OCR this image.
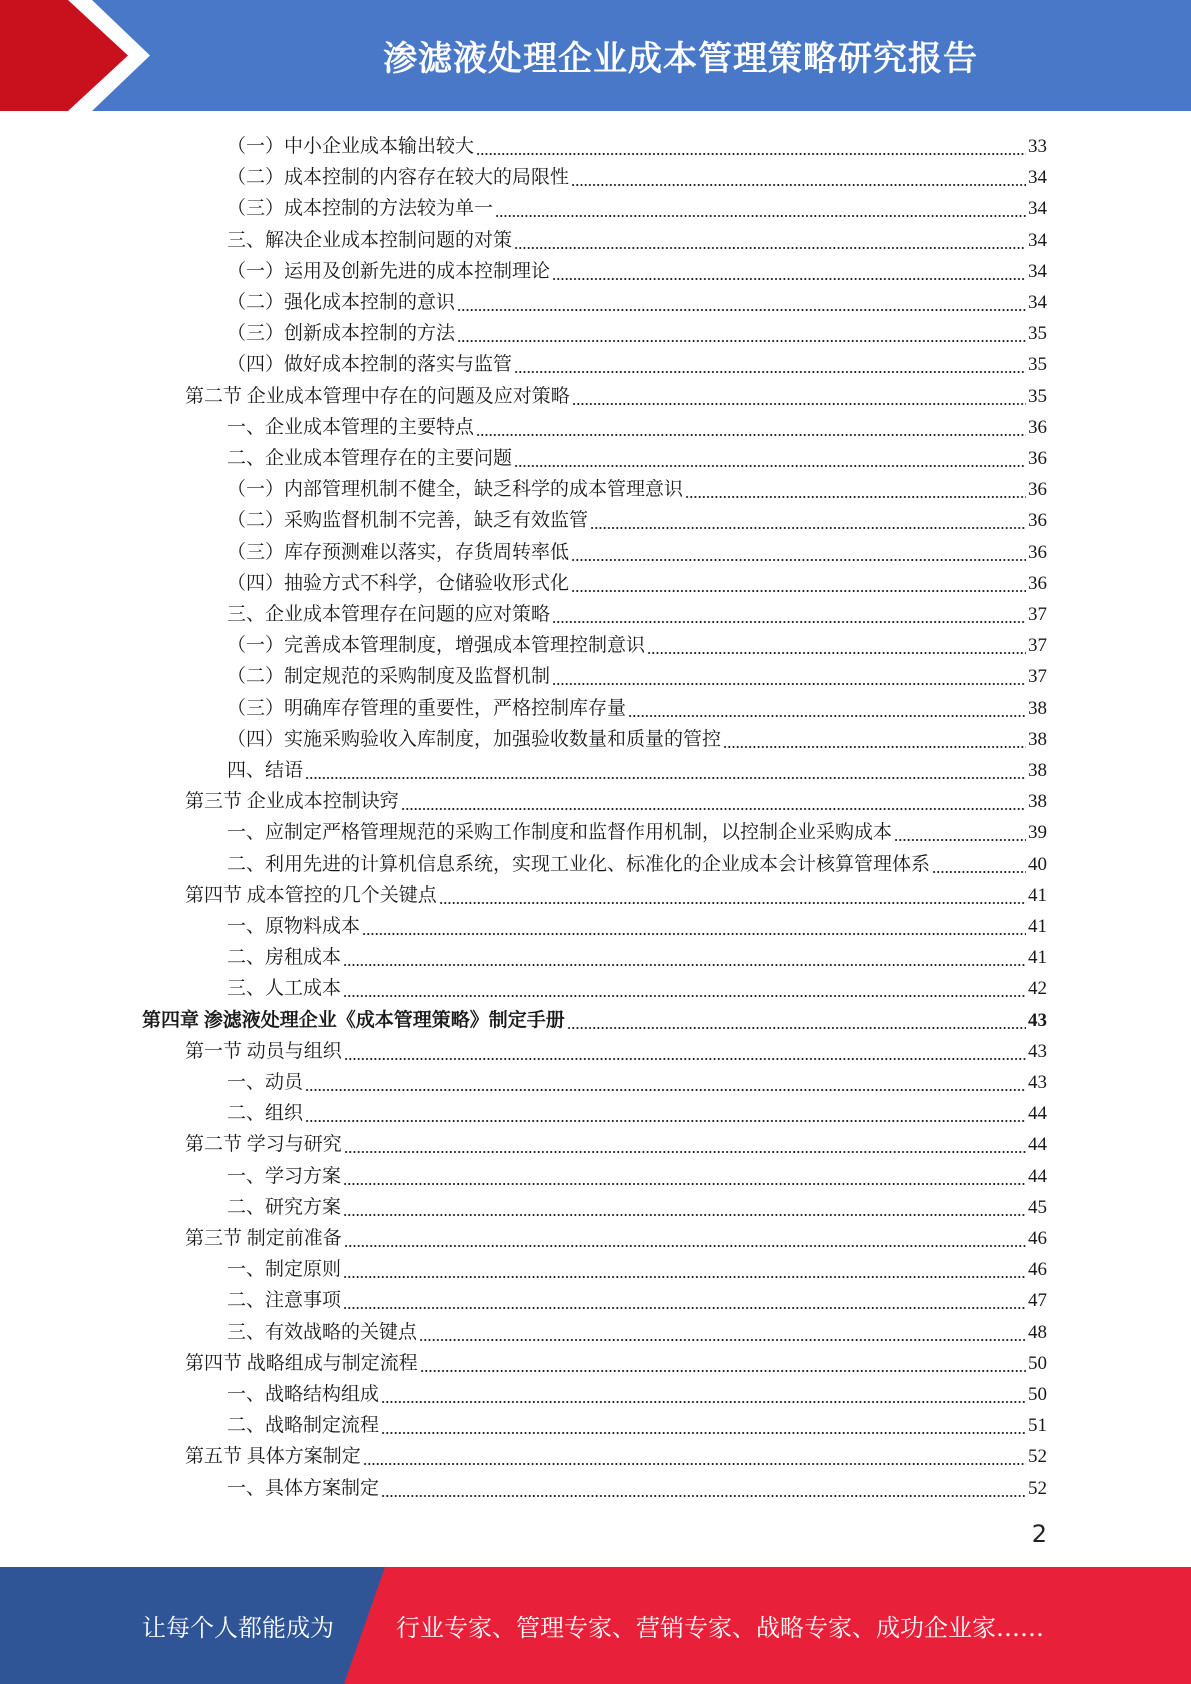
渗滤液处理企业成本管理策略研究报告
（一）中小企业成本输出较大	33
（二）成本控制的内容存在较大的局限性	34
（三）成本控制的方法较为单一	34
三、解决企业成本控制问题的对策	34
（一）运用及创新先进的成本控制理论	34
（二）强化成本控制的意识	34
（三）创新成本控制的方法	35
（四）做好成本控制的落实与监管	35
第二节 企业成本管理中存在的问题及应对策略	35
一、企业成本管理的主要特点	36
二、企业成本管理存在的主要问题	36
（一）内部管理机制不健全，缺乏科学的成本管理意识	36
（二）采购监督机制不完善，缺乏有效监管	36
（三）库存预测难以落实，存货周转率低	36
（四）抽验方式不科学，仓储验收形式化	36
三、企业成本管理存在问题的应对策略	37
（一）完善成本管理制度，增强成本管理控制意识	37
（二）制定规范的采购制度及监督机制	37
（三）明确库存管理的重要性，严格控制库存量	38
（四）实施采购验收入库制度，加强验收数量和质量的管控	38
四、结语	38
第三节 企业成本控制诀窍	38
一、应制定严格管理规范的采购工作制度和监督作用机制，以控制企业采购成本	39
二、利用先进的计算机信息系统，实现工业化、标准化的企业成本会计核算管理体系	40
第四节 成本管控的几个关键点	41
一、原物料成本	41
二、房租成本	41
三、人工成本	42
第四章 渗滤液处理企业《成本管理策略》制定手册	43
第一节 动员与组织	43
一、动员	43
二、组织	44
第二节 学习与研究	44
一、学习方案	44
二、研究方案	45
第三节 制定前准备	46
一、制定原则	46
二、注意事项	47
三、有效战略的关键点	48
第四节 战略组成与制定流程	50
一、战略结构组成	50
二、战略制定流程	51
第五节 具体方案制定	52
一、具体方案制定	52
2
让每个人都能成为	行业专家、管理专家、营销专家、战略专家、成功企业家……
